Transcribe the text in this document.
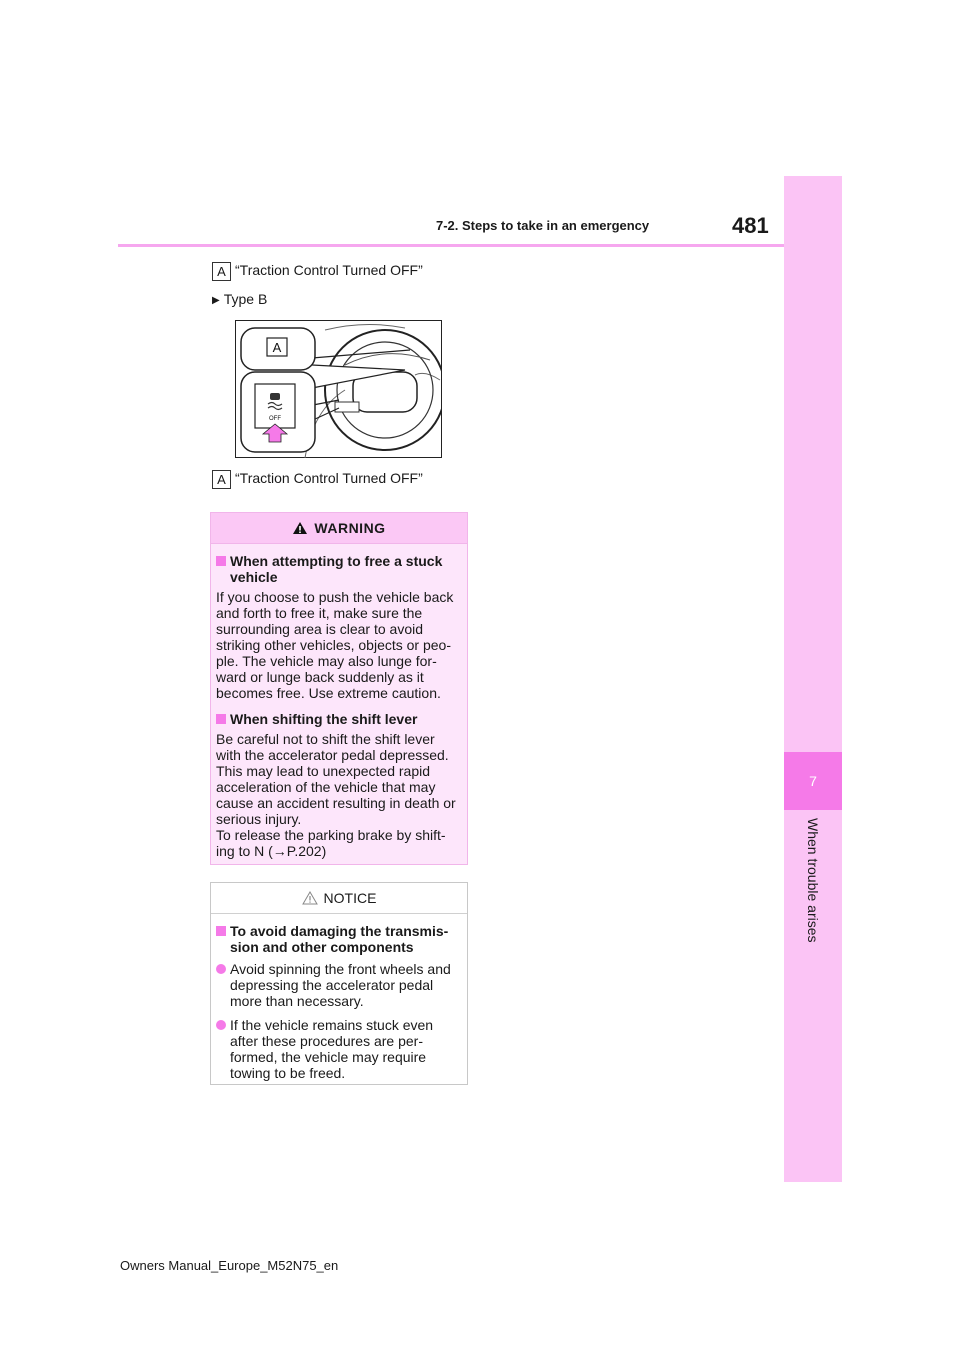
7
When trouble arises
7-2. Steps to take in an emergency	481
A “Traction Control Turned OFF”
▶ Type B
A
OFF
A “Traction Control Turned OFF”
WARNING
When attempting to free a stuck vehicle
If you choose to push the vehicle back and forth to free it, make sure the surrounding area is clear to avoid striking other vehicles, objects or peo-ple. The vehicle may also lunge for-ward or lunge back suddenly as it becomes free. Use extreme caution.
When shifting the shift lever
Be careful not to shift the shift lever with the accelerator pedal depressed. This may lead to unexpected rapid acceleration of the vehicle that may cause an accident resulting in death or serious injury.
To release the parking brake by shift-ing to N (→P.202)
NOTICE
To avoid damaging the transmis-sion and other components
Avoid spinning the front wheels and depressing the accelerator pedal more than necessary.
If the vehicle remains stuck even after these procedures are per-formed, the vehicle may require towing to be freed.
Owners Manual_Europe_M52N75_en
